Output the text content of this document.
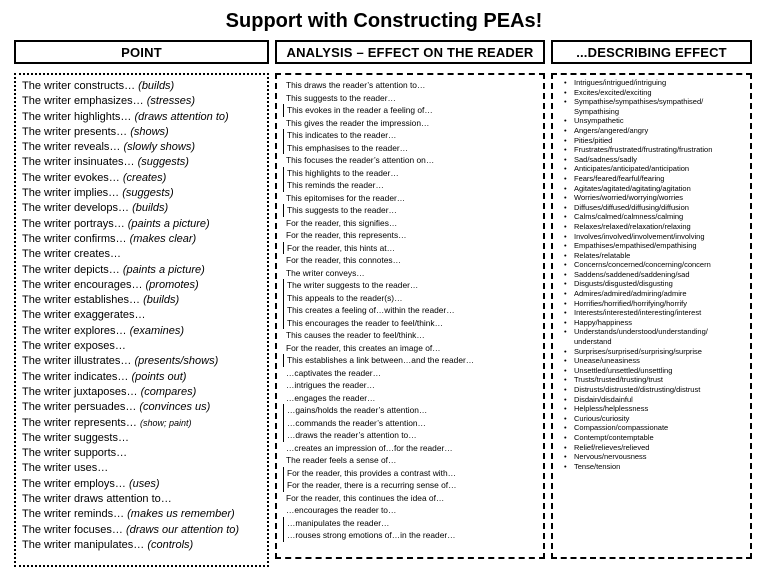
Support with Constructing PEAs!
POINT	ANALYSIS – EFFECT ON THE READER	...DESCRIBING EFFECT
The writer constructs… (builds)
The writer emphasizes… (stresses)
The writer highlights… (draws attention to)
The writer presents… (shows)
The writer reveals… (slowly shows)
The writer insinuates… (suggests)
The writer evokes… (creates)
The writer implies… (suggests)
The writer develops… (builds)
The writer portrays… (paints a picture)
The writer confirms… (makes clear)
The writer creates…
The writer depicts… (paints a picture)
The writer encourages… (promotes)
The writer establishes… (builds)
The writer exaggerates…
The writer explores… (examines)
The writer exposes…
The writer illustrates… (presents/shows)
The writer indicates… (points out)
The writer juxtaposes… (compares)
The writer persuades… (convinces us)
The writer represents… (show; paint)
The writer suggests…
The writer supports…
The writer uses…
The writer employs… (uses)
The writer draws attention to…
The writer reminds… (makes us remember)
The writer focuses… (draws our attention to)
The writer manipulates… (controls)
This draws the reader’s attention to…
This suggests to the reader…
This evokes in the reader a feeling of…
This gives the reader the impression…
This indicates to the reader…
This emphasises to the reader…
This focuses the reader’s attention on…
This highlights to the reader…
This reminds the reader…
This epitomises for the reader…
This suggests to the reader…
For the reader, this signifies…
For the reader, this represents…
For the reader, this hints at…
For the reader, this connotes…
The writer conveys…
The writer suggests to the reader…
This appeals to the reader(s)…
This creates a feeling of…within the reader…
This encourages the reader to feel/think…
This causes the reader to feel/think…
For the reader, this creates an image of…
This establishes a link between…and the reader…
…captivates the reader…
…intrigues the reader…
…engages the reader…
…gains/holds the reader’s attention…
…commands the reader’s attention…
…draws the reader’s attention to…
…creates an impression of…for the reader…
The reader feels a sense of…
For the reader, this provides a contrast with…
For the reader, there is a recurring sense of…
For the reader, this continues the idea of…
…encourages the reader to…
…manipulates the reader…
…rouses strong emotions of…in the reader…
• Intrigues/intrigued/intriguing
• Excites/excited/exciting
• Sympathise/sympathises/sympathised/
Sympathising
• Unsympathetic
• Angers/angered/angry
• Pities/pitied
• Frustrates/frustrated/frustrating/frustration
• Sad/sadness/sadly
• Anticipates/anticipated/anticipation
• Fears/feared/fearful/fearing
• Agitates/agitated/agitating/agitation
• Worries/worried/worrying/worries
• Diffuses/diffused/diffusing/diffusion
• Calms/calmed/calmness/calming
• Relaxes/relaxed/relaxation/relaxing
• Involves/involved/involvement/involving
• Empathises/empathised/empathising
• Relates/relatable
• Concerns/concerned/concerning/concern
• Saddens/saddened/saddening/sad
• Disgusts/disgusted/disgusting
• Admires/admired/admiring/admire
• Horrifies/horrified/horrifying/horrify
• Interests/interested/interesting/interest
• Happy/happiness
• Understands/understood/understanding/
understand
• Surprises/surprised/surprising/surprise
• Unease/uneasiness
• Unsettled/unsettled/unsettling
• Trusts/trusted/trusting/trust
• Distrusts/distrusted/distrusting/distrust
• Disdain/disdainful
• Helpless/helplessness
• Curious/curiosity
• Compassion/compassionate
• Contempt/contemptable
• Relief/relieves/relieved
• Nervous/nervousness
• Tense/tension
